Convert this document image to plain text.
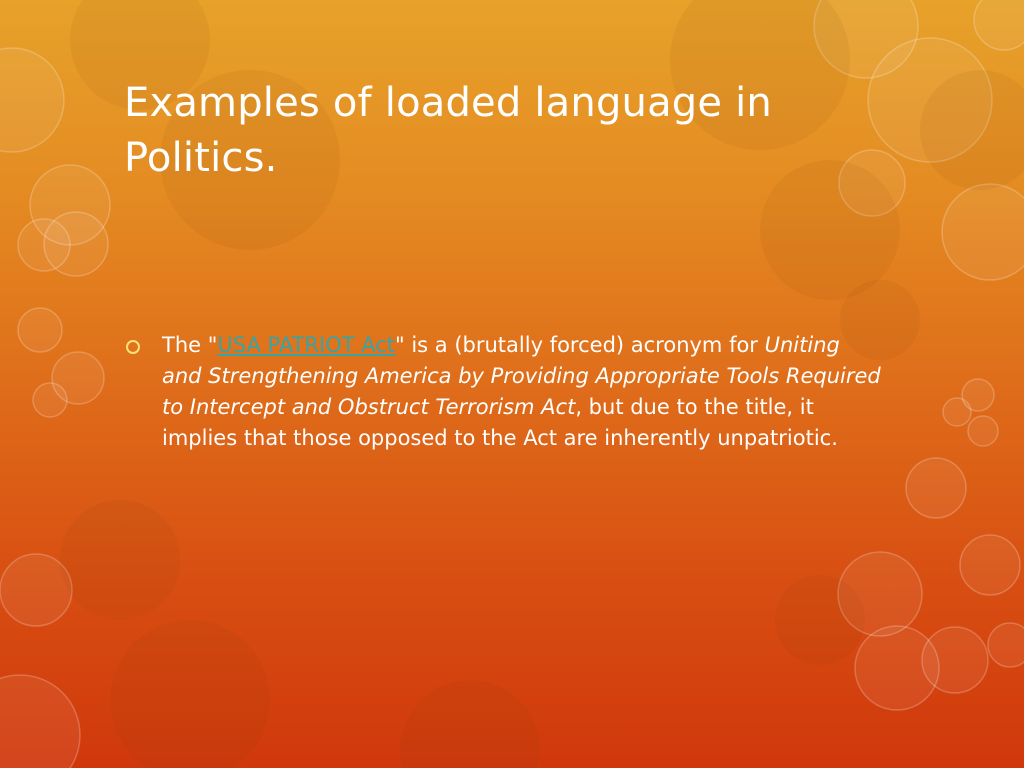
Examples of loaded language in Politics.

The "USA PATRIOT Act" is a (brutally forced) acronym for Uniting and Strengthening America by Providing Appropriate Tools Required to Intercept and Obstruct Terrorism Act, but due to the title, it implies that those opposed to the Act are inherently unpatriotic.
